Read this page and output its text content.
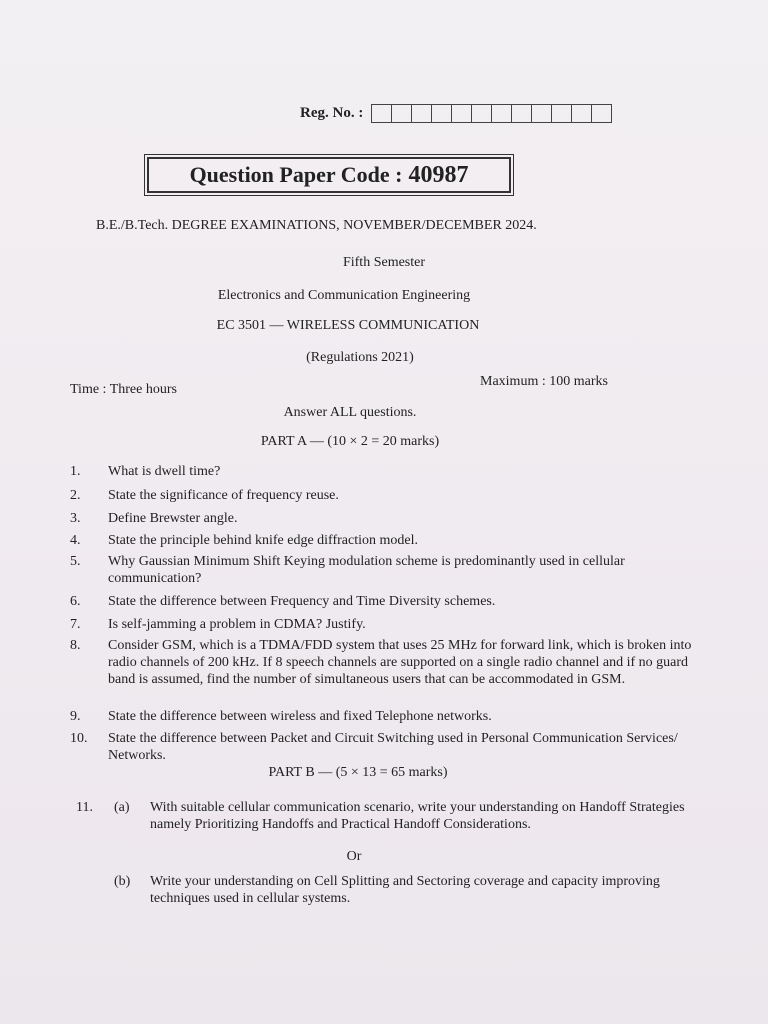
Reg. No. :
Question Paper Code : 40987
B.E./B.Tech. DEGREE EXAMINATIONS, NOVEMBER/DECEMBER 2024.
Fifth Semester
Electronics and Communication Engineering
EC 3501 — WIRELESS COMMUNICATION
(Regulations 2021)
Time : Three hours
Maximum : 100 marks
Answer ALL questions.
PART A — (10 × 2 = 20 marks)
1.	What is dwell time?
2.	State the significance of frequency reuse.
3.	Define Brewster angle.
4.	State the principle behind knife edge diffraction model.
5.	Why Gaussian Minimum Shift Keying modulation scheme is predominantly used in cellular communication?
6.	State the difference between Frequency and Time Diversity schemes.
7.	Is self-jamming a problem in CDMA? Justify.
8.	Consider GSM, which is a TDMA/FDD system that uses 25 MHz for forward link, which is broken into radio channels of 200 kHz. If 8 speech channels are supported on a single radio channel and if no guard band is assumed, find the number of simultaneous users that can be accommodated in GSM.
9.	State the difference between wireless and fixed Telephone networks.
10.	State the difference between Packet and Circuit Switching used in Personal Communication Services/ Networks.
PART B — (5 × 13 = 65 marks)
11.	(a)	With suitable cellular communication scenario, write your understanding on Handoff Strategies namely Prioritizing Handoffs and Practical Handoff Considerations.
Or
(b)	Write your understanding on Cell Splitting and Sectoring coverage and capacity improving techniques used in cellular systems.
